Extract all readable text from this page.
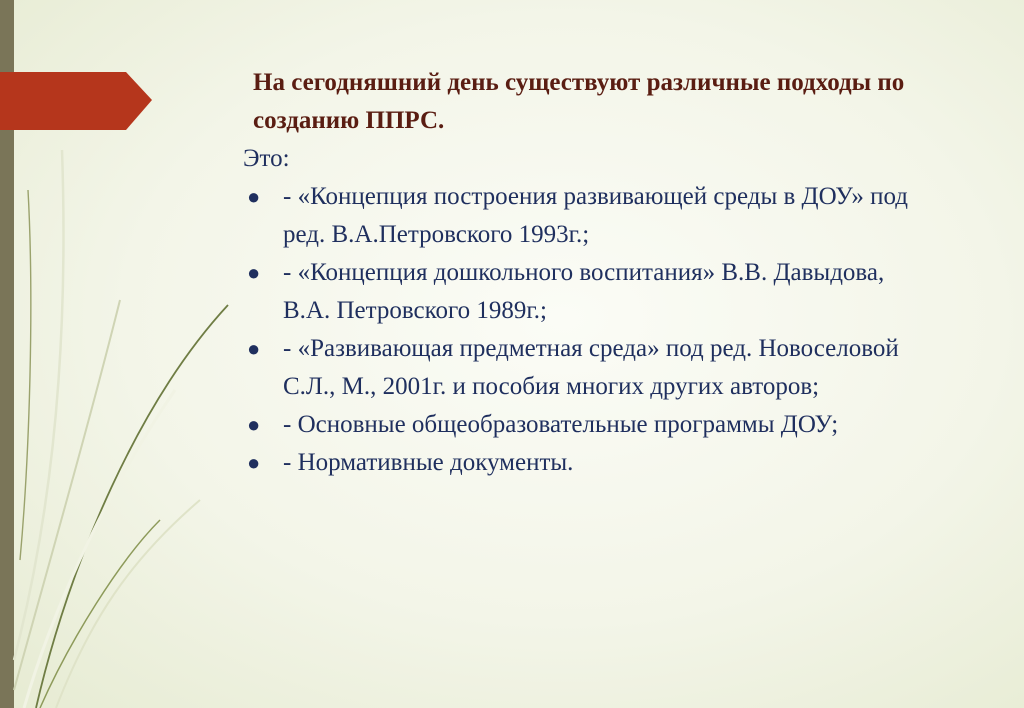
На сегодняшний день существуют различные подходы по созданию ППРС.

Это:

● - «Концепция построения развивающей среды в ДОУ» под ред. В.А.Петровского 1993г.;
● - «Концепция дошкольного воспитания» В.В. Давыдова, В.А. Петровского 1989г.;
● - «Развивающая предметная среда» под ред. Новоселовой С.Л., М., 2001г. и пособия многих других авторов;
● - Основные общеобразовательные программы ДОУ;
● - Нормативные документы.
